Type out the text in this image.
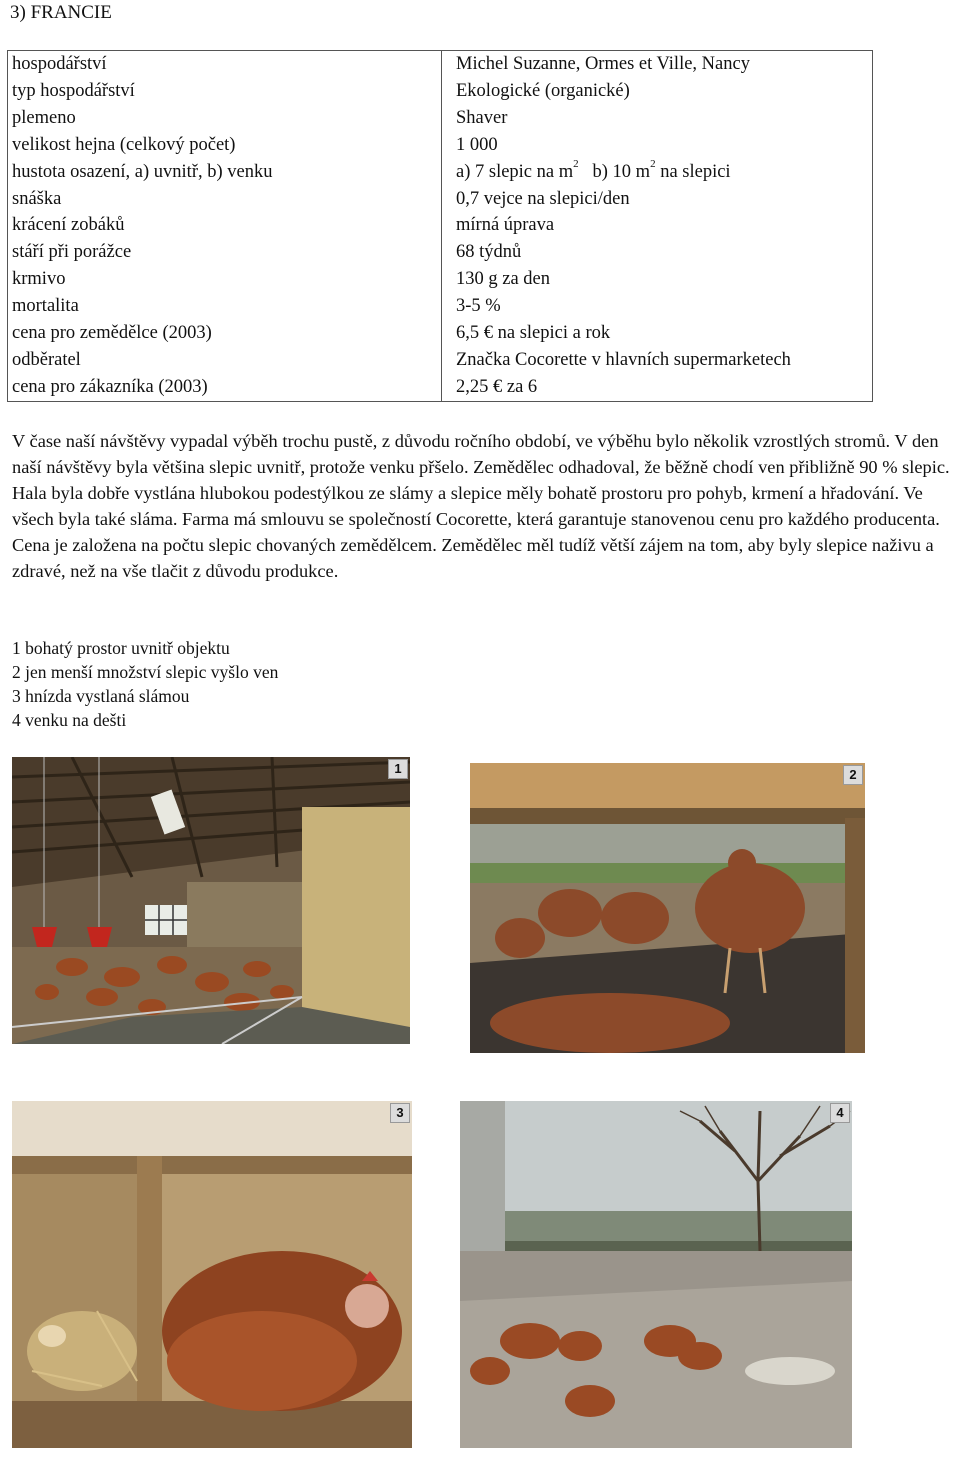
3) FRANCIE
hospodářství	Michel Suzanne, Ormes et Ville, Nancy
typ hospodářství	Ekologické (organické)
plemeno	Shaver
velikost hejna (celkový počet)	1 000
hustota osazení, a) uvnitř, b) venku	a) 7 slepic na $m^2$ b) 10 $m^2$ na slepici
snáška	0,7 vejce na slepici/den
krácení zobáků	mírná úprava
stáří při porážce	68 týdnů
krmivo	130 g za den
mortalita	3-5 %
cena pro zemědělce (2003)	6,5 € na slepici a rok
odběratel	Značka Cocorette v hlavních supermarketech
cena pro zákazníka (2003)	2,25 € za 6
V čase naší návštěvy vypadal výběh trochu pustě, z důvodu ročního období, ve výběhu bylo několik vzrostlých stromů. V den naší návštěvy byla většina slepic uvnitř, protože venku přšelo. Zemědělec odhadoval, že běžně chodí ven přibližně 90 % slepic. Hala byla dobře vystlána hlubokou podestýlkou ze slámy a slepice měly bohatě prostoru pro pohyb, krmení a hřadování. Ve všech byla také sláma. Farma má smlouvu se společností Cocorette, která garantuje stanovenou cenu pro každého producenta. Cena je založena na počtu slepic chovaných zemědělcem. Zemědělec měl tudíž větší zájem na tom, aby byly slepice naživu a zdravé, než na vše tlačit z důvodu produkce.
1 bohatý prostor uvnitř objektu
2 jen menší množství slepic vyšlo ven
3 hnízda vystlaná slámou
4 venku na dešti
1	2
3	4
